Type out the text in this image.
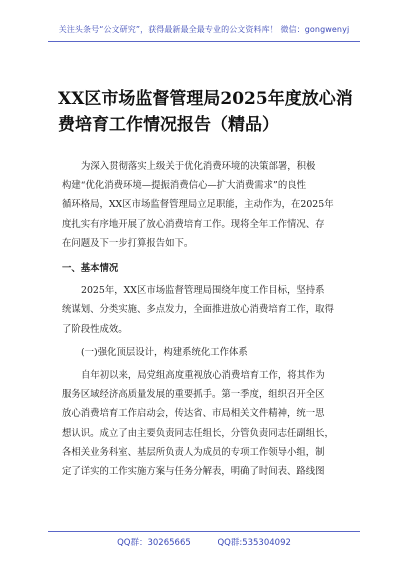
关注头条号“公文研究”，获得最新最全最专业的公文资料库！ 微信：gongwenyj
XX区市场监督管理局2025年度放心消
费培育工作情况报告（精品）
为深入贯彻落实上级关于优化消费环境的决策部署，积极
构建“优化消费环境—提振消费信心—扩大消费需求”的良性
循环格局，XX区市场监督管理局立足职能，主动作为，在2025年
度扎实有序地开展了放心消费培育工作。现将全年工作情况、存
在问题及下一步打算报告如下。
一、基本情况
2025年，XX区市场监督管理局围绕年度工作目标，坚持系
统谋划、分类实施、多点发力，全面推进放心消费培育工作，取得
了阶段性成效。
(一)强化顶层设计，构建系统化工作体系
自年初以来，局党组高度重视放心消费培育工作，将其作为
服务区域经济高质量发展的重要抓手。第一季度，组织召开全区
放心消费培育工作启动会，传达省、市局相关文件精神，统一思
想认识。成立了由主要负责同志任组长，分管负责同志任副组长，
各相关业务科室、基层所负责人为成员的专项工作领导小组，制
定了详实的工作实施方案与任务分解表，明确了时间表、路线图
QQ群：30265665	QQ群:535304092
